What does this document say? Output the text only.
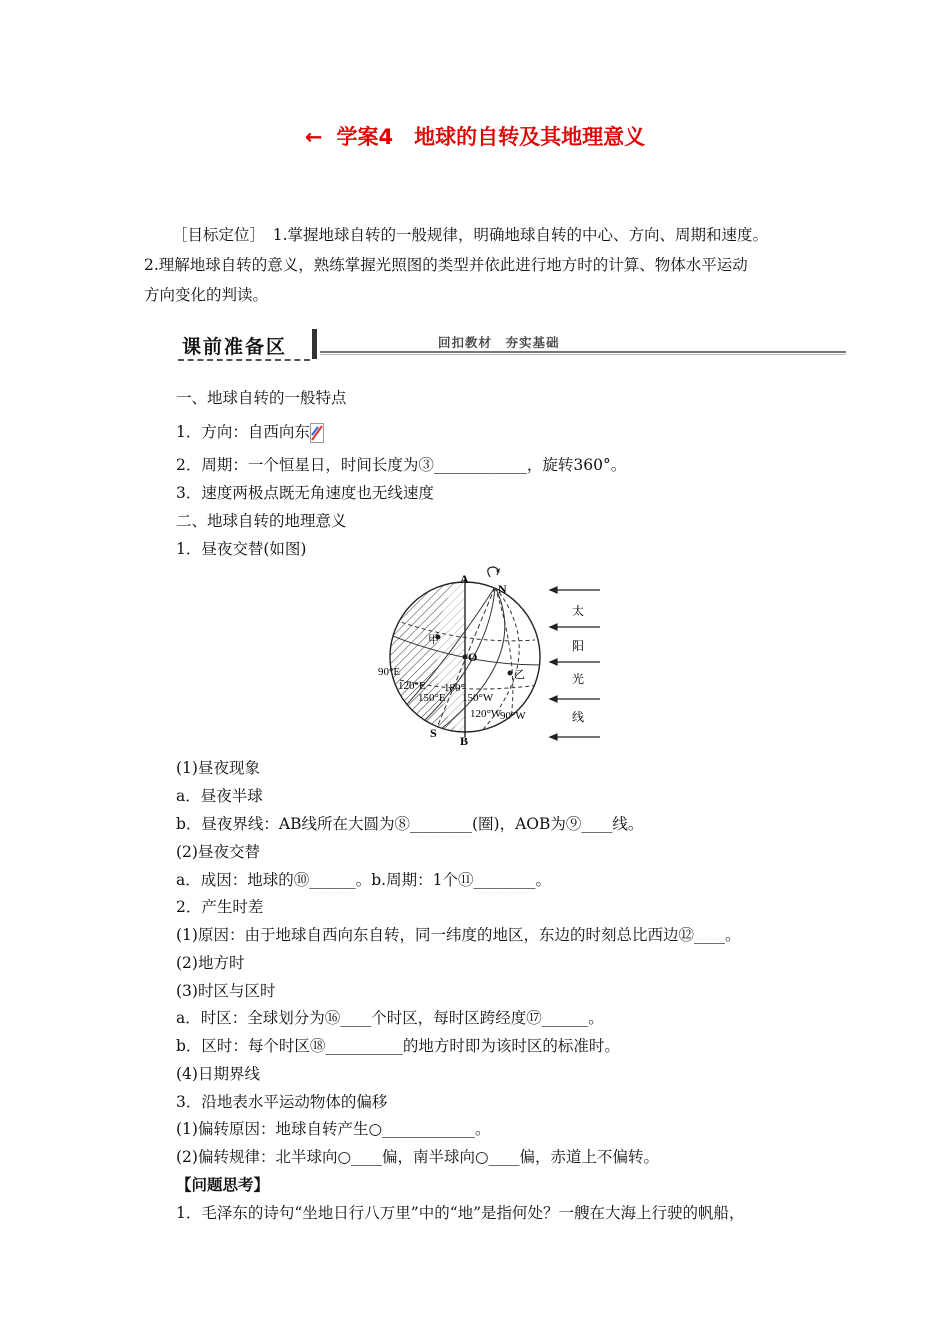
← 学案4　地球的自转及其地理意义
［目标定位］　1.掌握地球自转的一般规律，明确地球自转的中心、方向、周期和速度。
2.理解地球自转的意义，熟练掌握光照图的类型并依此进行地方时的计算、物体水平运动
方向变化的判读。
课前准备区	回扣教材　夯实基础
一、地球自转的一般特点
1．方向：自西向东
2．周期：一个恒星日，时间长度为③____________，旋转360°。
3．速度两极点既无角速度也无线速度
二、地球自转的地理意义
1．昼夜交替(如图)
A
N
O
S
B
甲
乙
90°E
120°E
150°E
180°
150°W
120°W
90°W
太
阳
光
线
(1)昼夜现象
a．昼夜半球
b．昼夜界线：AB线所在大圆为⑧________(圈)，AOB为⑨____线。
(2)昼夜交替
a．成因：地球的⑩______。b.周期：1个⑪________。
2．产生时差
(1)原因：由于地球自西向东自转，同一纬度的地区，东边的时刻总比西边⑫____。
(2)地方时
(3)时区与区时
a．时区：全球划分为⑯____个时区，每时区跨经度⑰______。
b．区时：每个时区⑱__________的地方时即为该时区的标准时。
(4)日期界线
3．沿地表水平运动物体的偏移
(1)偏转原因：地球自转产生○____________。
(2)偏转规律：北半球向○____偏，南半球向○____偏，赤道上不偏转。
【问题思考】
1．毛泽东的诗句“坐地日行八万里”中的“地”是指何处？一艘在大海上行驶的帆船，
